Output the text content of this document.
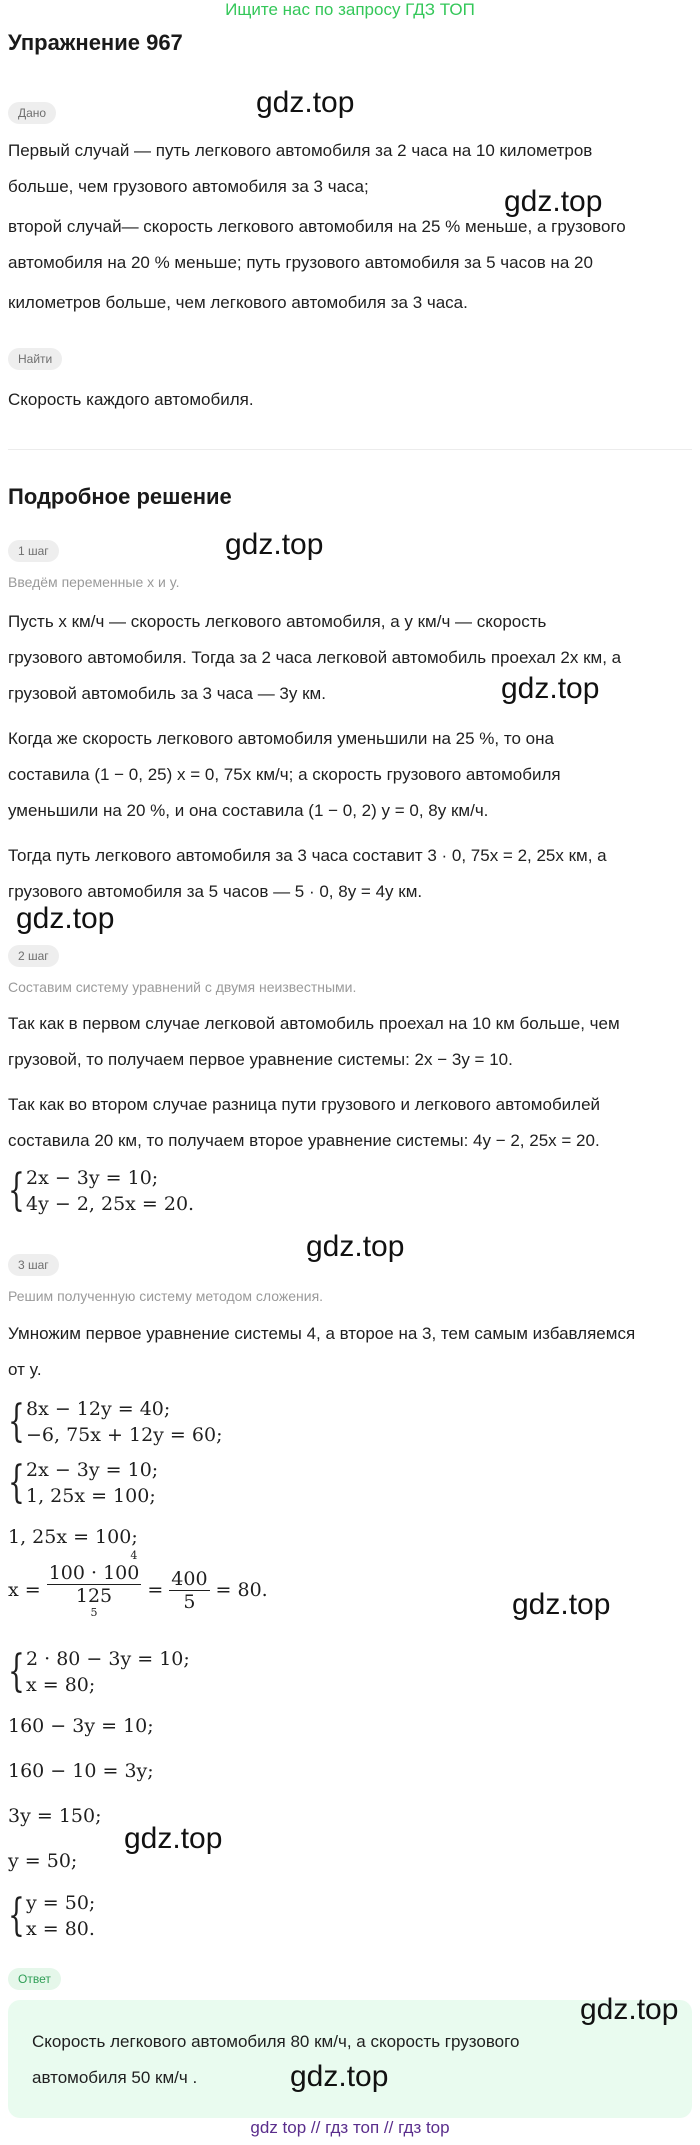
Ищите нас по запросу ГДЗ ТОП
Упражнение 967
Дано
Первый случай — путь легкового автомобиля за 2 часа на 10 километров
больше, чем грузового автомобиля за 3 часа;
второй случай— скорость легкового автомобиля на 25 % меньше, а грузового
автомобиля на 20 % меньше; путь грузового автомобиля за 5 часов на 20
километров больше, чем легкового автомобиля за 3 часа.
Найти
Скорость каждого автомобиля.
Подробное решение
1 шаг
Введём переменные x и y.
Пусть x км/ч — скорость легкового автомобиля, а y км/ч — скорость
грузового автомобиля. Тогда за 2 часа легковой автомобиль проехал 2x км, а
грузовой автомобиль за 3 часа — 3y км.
Когда же скорость легкового автомобиля уменьшили на 25 %, то она
составила (1 − 0, 25) x = 0, 75x км/ч; а скорость грузового автомобиля
уменьшили на 20 %, и она составила (1 − 0, 2) y = 0, 8y км/ч.
Тогда путь легкового автомобиля за 3 часа составит 3 · 0, 75x = 2, 25x км, а
грузового автомобиля за 5 часов — 5 · 0, 8y = 4y км.
2 шаг
Составим систему уравнений с двумя неизвестными.
Так как в первом случае легковой автомобиль проехал на 10 км больше, чем
грузовой, то получаем первое уравнение системы: 2x − 3y = 10.
Так как во втором случае разница пути грузового и легкового автомобилей
составила 20 км, то получаем второе уравнение системы: 4y − 2, 25x = 20.
{ 2x − 3y = 10;
4y − 2, 25x = 20.
3 шаг
Решим полученную систему методом сложения.
Умножим первое уравнение системы 4, а второе на 3, тем самым избавляемся
от y.
{ 8x − 12y = 40;
−6, 75x + 12y = 60;
{ 2x − 3y = 10;
1, 25x = 100;
1, 25x = 100;
x =
4
100 · 100
125
5
= $\frac{400}{5} = 80$.
{ 2 · 80 − 3y = 10;
x = 80;
160 − 3y = 10;
160 − 10 = 3y;
3y = 150;
y = 50;
{ y = 50;
x = 80.
Ответ
Скорость легкового автомобиля 80 км/ч, а скорость грузового
автомобиля 50 км/ч .
gdz.top
gdz.top
gdz.top
gdz.top
gdz.top
gdz.top
gdz.top
gdz.top
gdz.top
gdz.top
gdz top // гдз топ // гдз top
